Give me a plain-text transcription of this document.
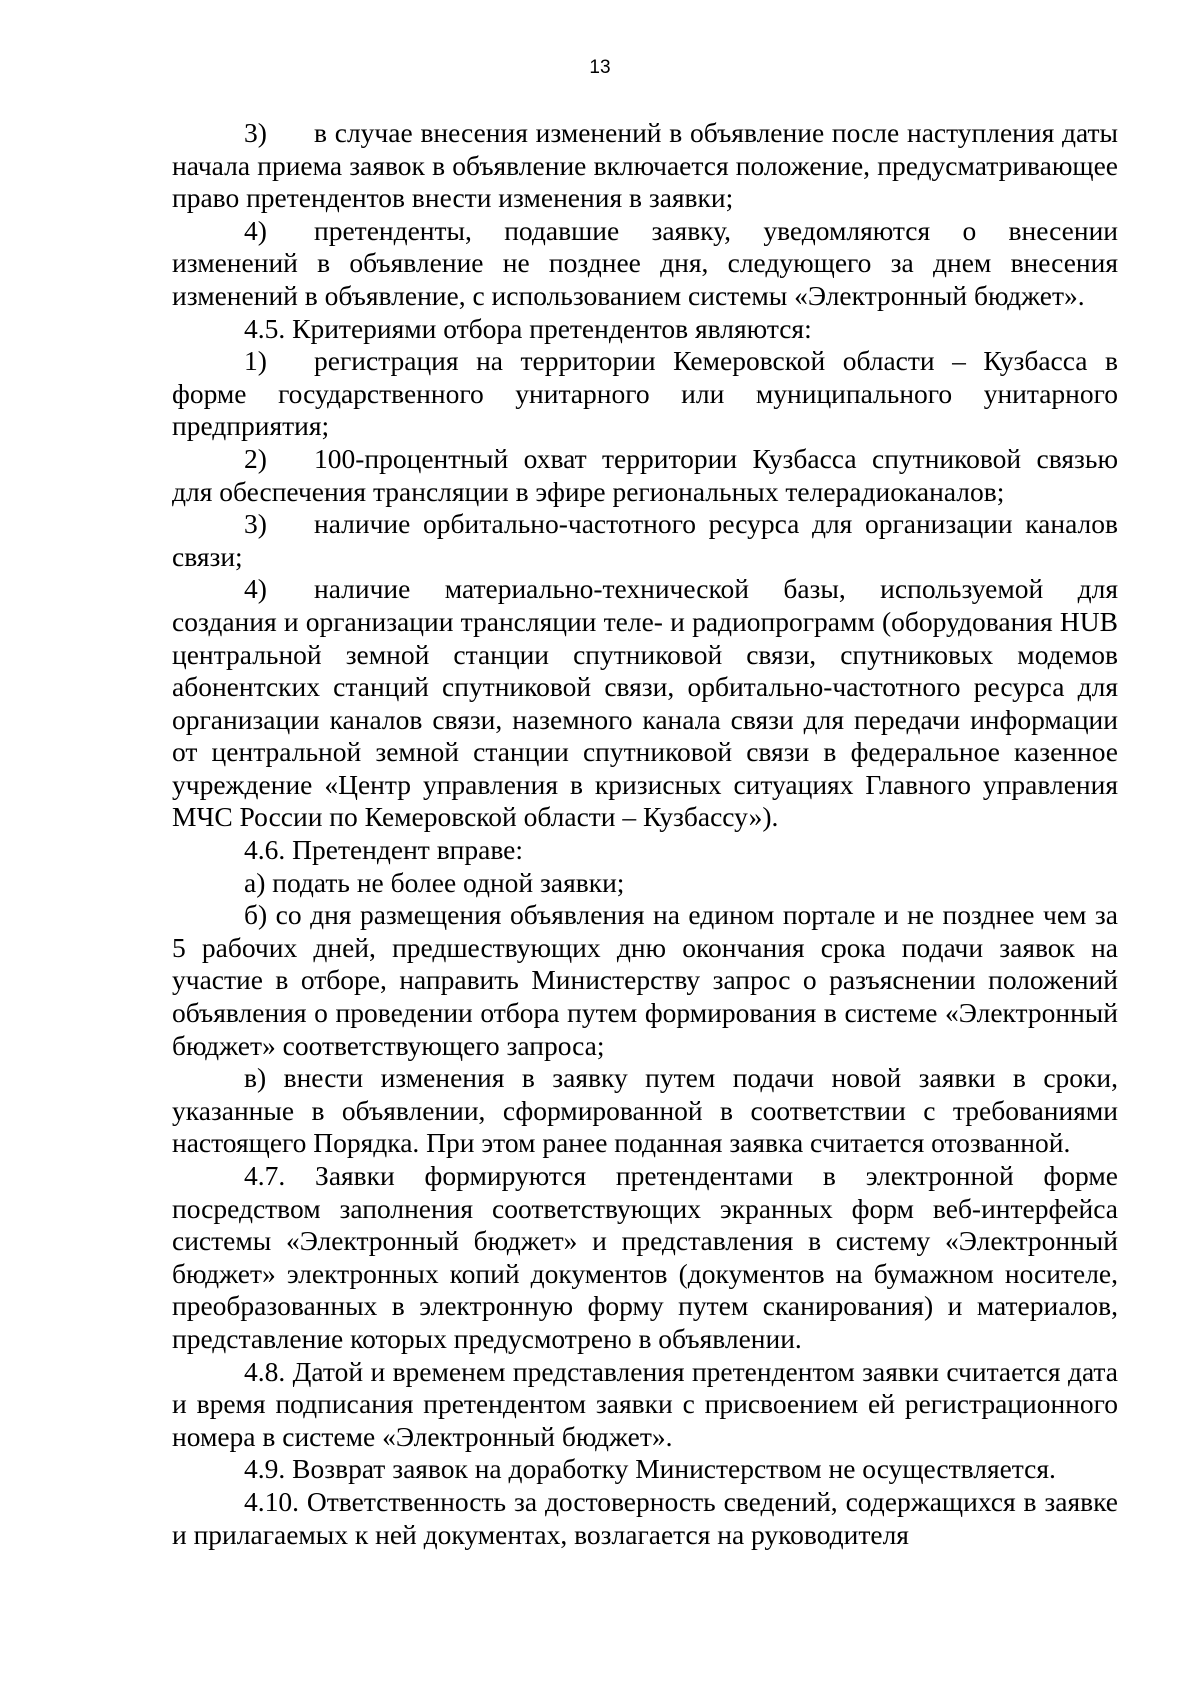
13

3) в случае внесения изменений в объявление после наступления даты начала приема заявок в объявление включается положение, предусматривающее право претендентов внести изменения в заявки;

4) претенденты, подавшие заявку, уведомляются о внесении изменений в объявление не позднее дня, следующего за днем внесения изменений в объявление, с использованием системы «Электронный бюджет».

4.5. Критериями отбора претендентов являются:

1) регистрация на территории Кемеровской области – Кузбасса в форме государственного унитарного или муниципального унитарного предприятия;

2) 100-процентный охват территории Кузбасса спутниковой связью для обеспечения трансляции в эфире региональных телерадиоканалов;

3) наличие орбитально-частотного ресурса для организации каналов связи;

4) наличие материально-технической базы, используемой для создания и организации трансляции теле- и радиопрограмм (оборудования HUB центральной земной станции спутниковой связи, спутниковых модемов абонентских станций спутниковой связи, орбитально-частотного ресурса для организации каналов связи, наземного канала связи для передачи информации от центральной земной станции спутниковой связи в федеральное казенное учреждение «Центр управления в кризисных ситуациях Главного управления МЧС России по Кемеровской области – Кузбассу»).

4.6. Претендент вправе:

а) подать не более одной заявки;

б) со дня размещения объявления на едином портале и не позднее чем за 5 рабочих дней, предшествующих дню окончания срока подачи заявок на участие в отборе, направить Министерству запрос о разъяснении положений объявления о проведении отбора путем формирования в системе «Электронный бюджет» соответствующего запроса;

в) внести изменения в заявку путем подачи новой заявки в сроки, указанные в объявлении, сформированной в соответствии с требованиями настоящего Порядка. При этом ранее поданная заявка считается отозванной.

4.7. Заявки формируются претендентами в электронной форме посредством заполнения соответствующих экранных форм веб-интерфейса системы «Электронный бюджет» и представления в систему «Электронный бюджет» электронных копий документов (документов на бумажном носителе, преобразованных в электронную форму путем сканирования) и материалов, представление которых предусмотрено в объявлении.

4.8. Датой и временем представления претендентом заявки считается дата и время подписания претендентом заявки с присвоением ей регистрационного номера в системе «Электронный бюджет».

4.9. Возврат заявок на доработку Министерством не осуществляется.

4.10. Ответственность за достоверность сведений, содержащихся в заявке и прилагаемых к ней документах, возлагается на руководителя
